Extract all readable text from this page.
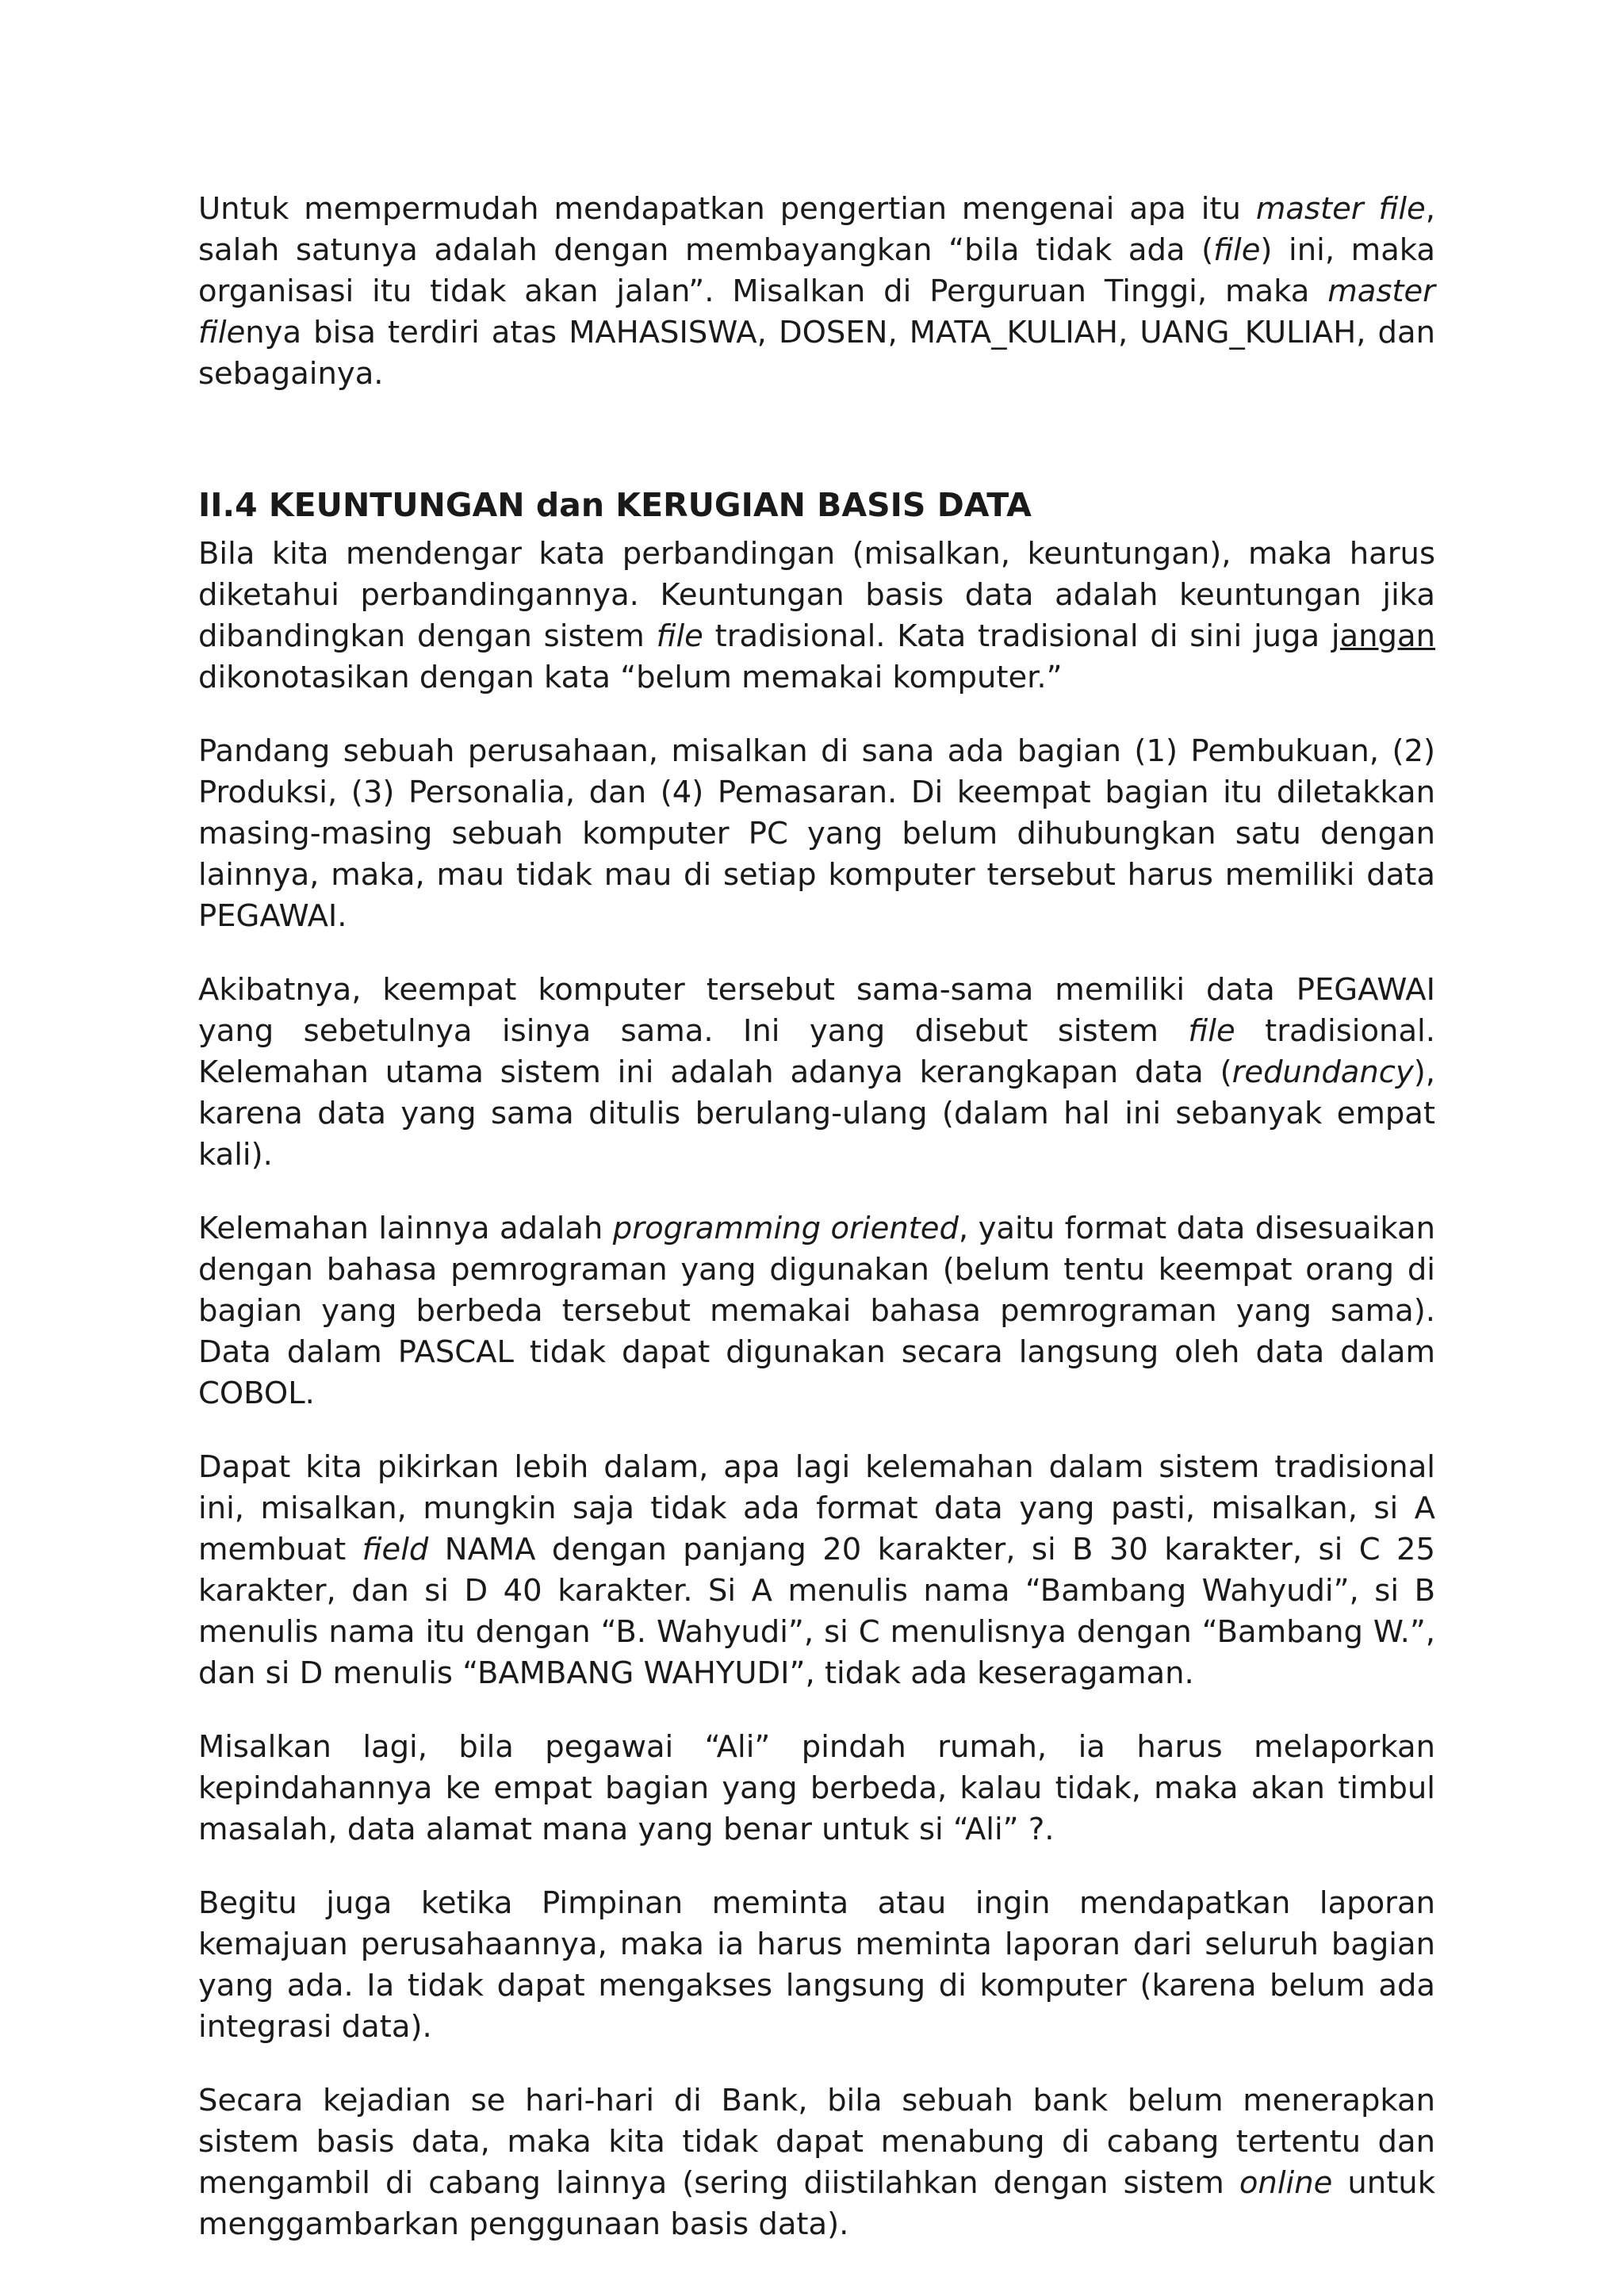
Untuk mempermudah mendapatkan pengertian mengenai apa itu master file, salah satunya adalah dengan membayangkan “bila tidak ada (file) ini, maka organisasi itu tidak akan jalan”. Misalkan di Perguruan Tinggi, maka master filenya bisa terdiri atas MAHASISWA, DOSEN, MATA_KULIAH, UANG_KULIAH, dan sebagainya.

II.4 KEUNTUNGAN dan KERUGIAN BASIS DATA

Bila kita mendengar kata perbandingan (misalkan, keuntungan), maka harus diketahui perbandingannya. Keuntungan basis data adalah keuntungan jika dibandingkan dengan sistem file tradisional. Kata tradisional di sini juga jangan dikonotasikan dengan kata “belum memakai komputer.”

Pandang sebuah perusahaan, misalkan di sana ada bagian (1) Pembukuan, (2) Produksi, (3) Personalia, dan (4) Pemasaran. Di keempat bagian itu diletakkan masing-masing sebuah komputer PC yang belum dihubungkan satu dengan lainnya, maka, mau tidak mau di setiap komputer tersebut harus memiliki data PEGAWAI.

Akibatnya, keempat komputer tersebut sama-sama memiliki data PEGAWAI yang sebetulnya isinya sama. Ini yang disebut sistem file tradisional. Kelemahan utama sistem ini adalah adanya kerangkapan data (redundancy), karena data yang sama ditulis berulang-ulang (dalam hal ini sebanyak empat kali).

Kelemahan lainnya adalah programming oriented, yaitu format data disesuaikan dengan bahasa pemrograman yang digunakan (belum tentu keempat orang di bagian yang berbeda tersebut memakai bahasa pemrograman yang sama). Data dalam PASCAL tidak dapat digunakan secara langsung oleh data dalam COBOL.

Dapat kita pikirkan lebih dalam, apa lagi kelemahan dalam sistem tradisional ini, misalkan, mungkin saja tidak ada format data yang pasti, misalkan, si A membuat field NAMA dengan panjang 20 karakter, si B 30 karakter, si C 25 karakter, dan si D 40 karakter. Si A menulis nama “Bambang Wahyudi”, si B menulis nama itu dengan “B. Wahyudi”, si C menulisnya dengan “Bambang W.”, dan si D menulis “BAMBANG WAHYUDI”, tidak ada keseragaman.

Misalkan lagi, bila pegawai “Ali” pindah rumah, ia harus melaporkan kepindahannya ke empat bagian yang berbeda, kalau tidak, maka akan timbul masalah, data alamat mana yang benar untuk si “Ali” ?.

Begitu juga ketika Pimpinan meminta atau ingin mendapatkan laporan kemajuan perusahaannya, maka ia harus meminta laporan dari seluruh bagian yang ada. Ia tidak dapat mengakses langsung di komputer (karena belum ada integrasi data).

Secara kejadian se hari-hari di Bank, bila sebuah bank belum menerapkan sistem basis data, maka kita tidak dapat menabung di cabang tertentu dan mengambil di cabang lainnya (sering diistilahkan dengan sistem online untuk menggambarkan penggunaan basis data).
